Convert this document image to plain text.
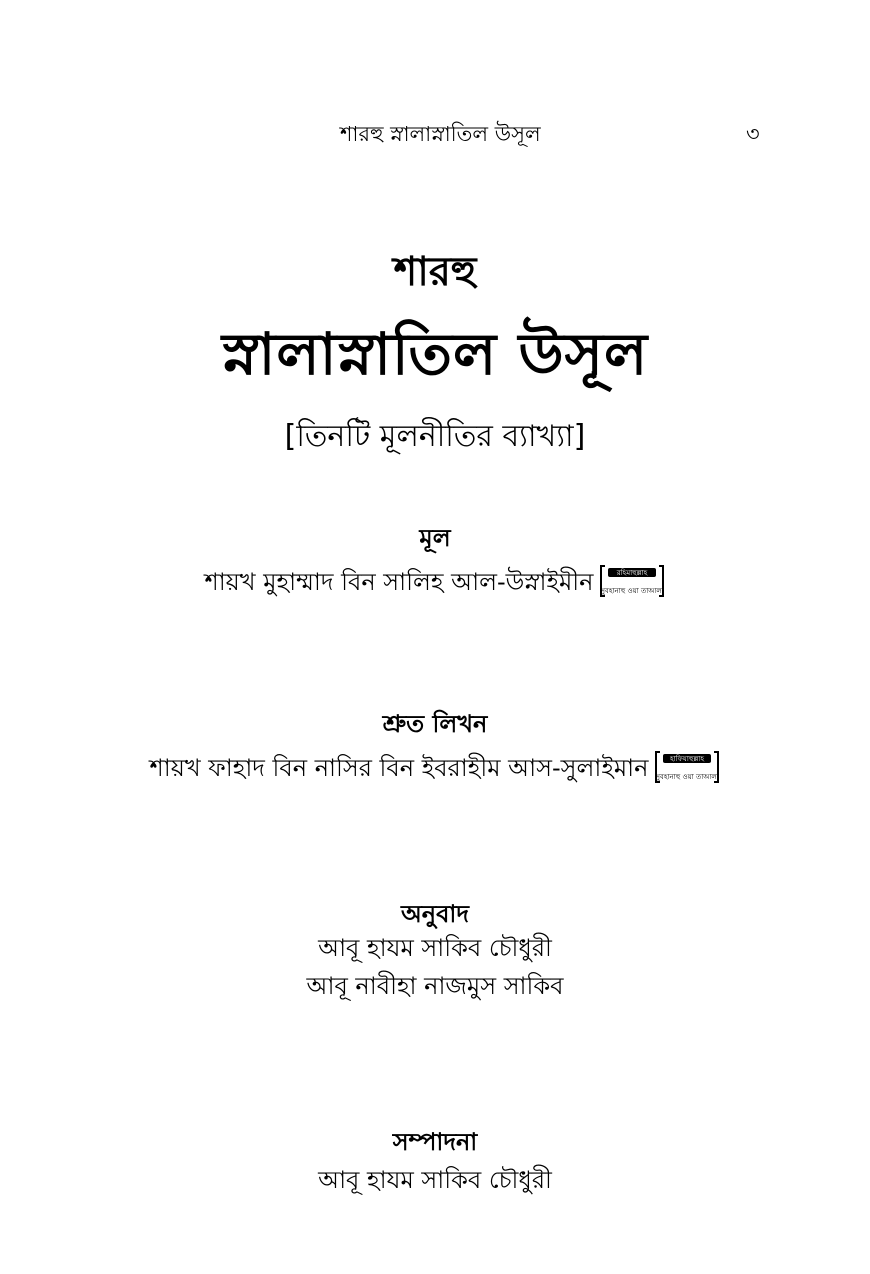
শারহু স্নালাস্নাতিল উসূল	৩
শারহু
স্নালাস্নাতিল উসূল
[তিনটি মূলনীতির ব্যাখ্যা]
মূল
শায়খ মুহাম্মাদ বিন সালিহ আল-উস্নাইমীন	রহিমাহুল্লাহ
সুবহানাহু ওয়া তাআলা
শ্রুত লিখন
শায়খ ফাহাদ বিন নাসির বিন ইবরাহীম আস-সুলাইমান	হাফিযাহুল্লাহ
সুবহানাহু ওয়া তাআলা
অনুবাদ
আবূ হাযম সাকিব চৌধুরী
আবূ নাবীহা নাজমুস সাকিব
সম্পাদনা
আবূ হাযম সাকিব চৌধুরী
